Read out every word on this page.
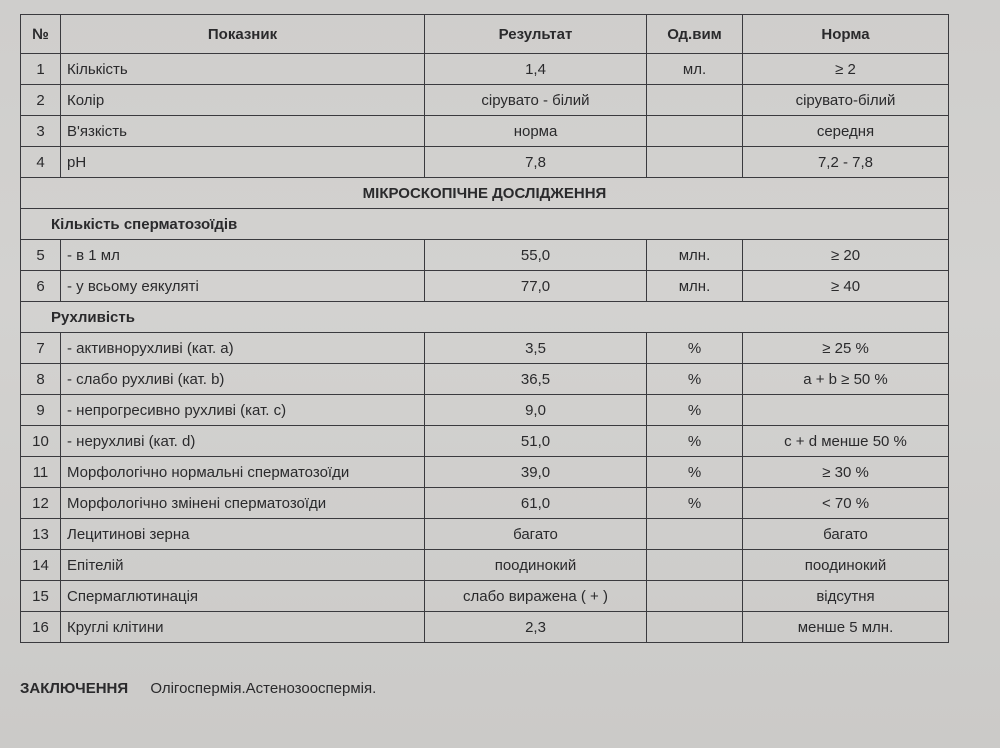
№	Показник	Результат	Од.вим	Норма
1	Кількість	1,4	мл.	≥ 2
2	Колір	сірувато - білий		сірувато-білий
3	В'язкість	норма		середня
4	pH	7,8		7,2 - 7,8
МІКРОСКОПІЧНЕ ДОСЛІДЖЕННЯ				
Кількість сперматозоїдів				
5	- в 1 мл	55,0	млн.	≥ 20
6	- у всьому еякуляті	77,0	млн.	≥ 40
Рухливість				
7	- активнорухливі (кат. а)	3,5	%	≥ 25 %
8	- слабо рухливі (кат. b)	36,5	%	a + b ≥ 50 %
9	- непрогресивно рухливі (кат. с)	9,0	%	
10	- нерухливі (кат. d)	51,0	%	c + d менше 50 %
11	Морфологічно нормальні сперматозоїди	39,0	%	≥ 30 %
12	Морфологічно змінені сперматозоїди	61,0	%	< 70 %
13	Лецитинові зерна	багато		багато
14	Епітелій	поодинокий		поодинокий
15	Спермаглютинація	слабо виражена ( + )		відсутня
16	Круглі клітини	2,3		менше 5 млн.
ЗАКЛЮЧЕННЯ Олігоспермія.Астенозооспермія.
